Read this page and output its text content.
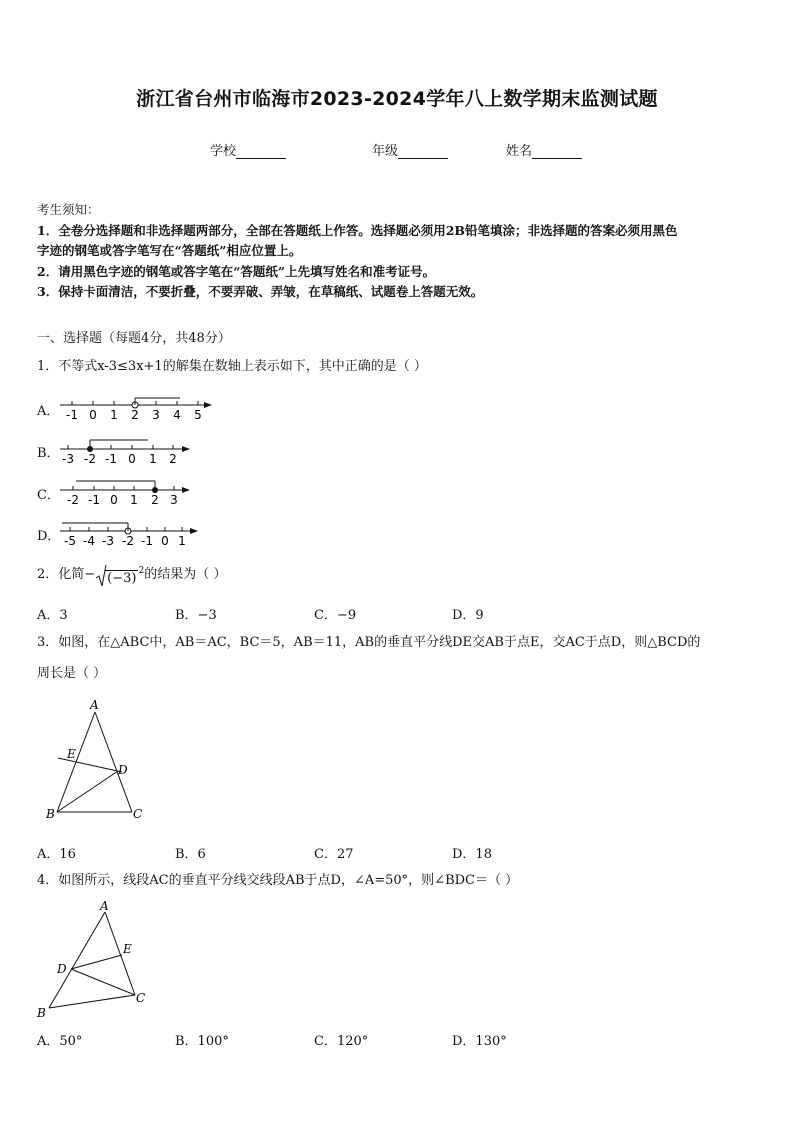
浙江省台州市临海市2023-2024学年八上数学期末监测试题
学校	年级	姓名
考生须知：
1．全卷分选择题和非选择题两部分，全部在答题纸上作答。选择题必须用2B铅笔填涂；非选择题的答案必须用黑色
字迹的钢笔或答字笔写在“答题纸”相应位置上。
2．请用黑色字迹的钢笔或答字笔在“答题纸”上先填写姓名和准考证号。
3．保持卡面清洁，不要折叠，不要弄破、弄皱，在草稿纸、试题卷上答题无效。
一、选择题（每题4分，共48分）
1．不等式x-3≤3x+1的解集在数轴上表示如下，其中正确的是（ ）
A． -1 0 1 2 3 4 5
B． -3 -2 -1 0 1 2
C． -2 -1 0 1 2 3
D． -5 -4 -3 -2 -1 0 1
2．化简− $(-3)^2$的结果为（ ）
A．3	B．−3	C．−9	D．9
3．如图，在△ABC中，AB＝AC，BC＝5，AB＝11，AB的垂直平分线DE交AB于点E，交AC于点D，则△BCD的
周长是（ ）
A
E
D
B	C
A．16	B．6	C．27	D．18
4．如图所示，线段AC的垂直平分线交线段AB于点D，∠A=50°，则∠BDC＝（ ）
A
E
D
B
C
A．50°	B．100°	C．120°	D．130°
